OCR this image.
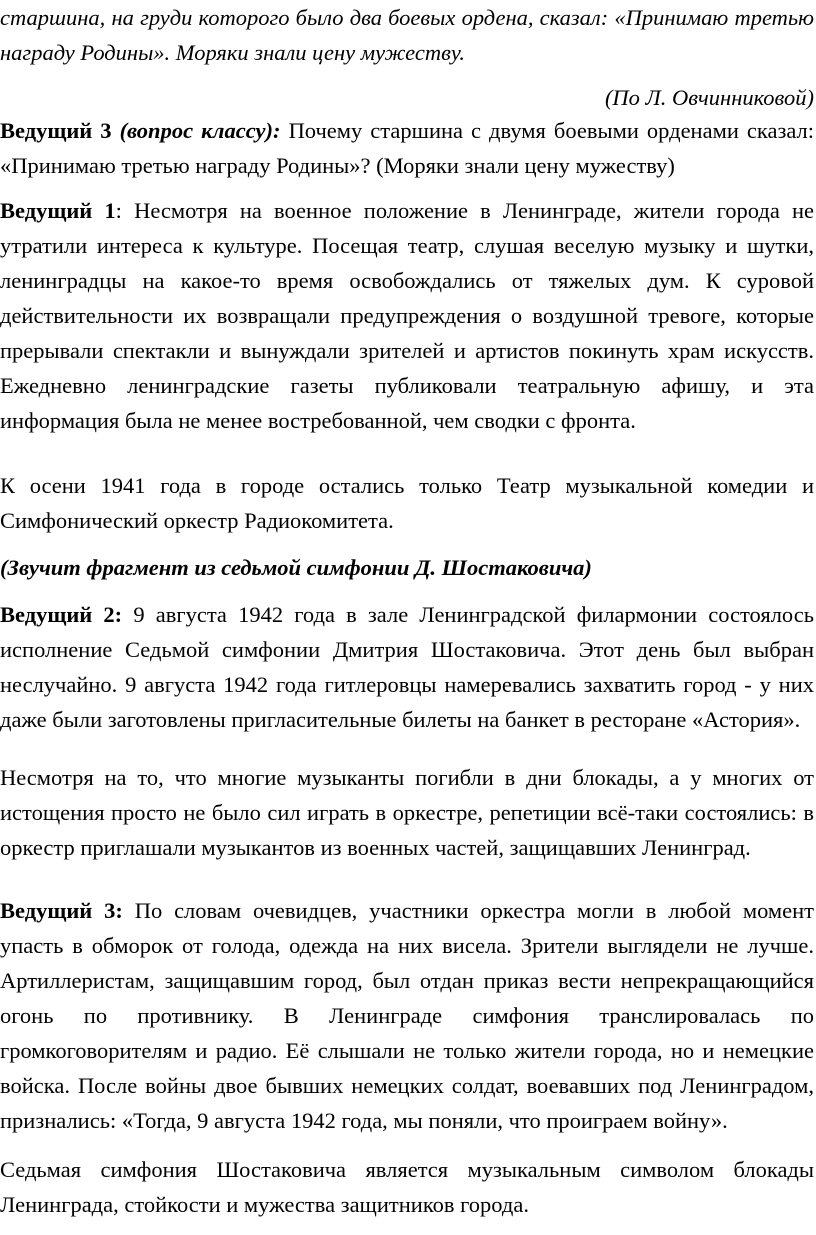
старшина, на груди которого было два боевых ордена, сказал: «Принимаю третью награду Родины». Моряки знали цену мужеству.

(По Л. Овчинниковой)

Ведущий 3 (вопрос классу): Почему старшина с двумя боевыми орденами сказал: «Принимаю третью награду Родины»? (Моряки знали цену мужеству)

Ведущий 1: Несмотря на военное положение в Ленинграде, жители города не утратили интереса к культуре. Посещая театр, слушая веселую музыку и шутки, ленинградцы на какое-то время освобождались от тяжелых дум. К суровой действительности их возвращали предупреждения о воздушной тревоге, которые прерывали спектакли и вынуждали зрителей и артистов покинуть храм искусств. Ежедневно ленинградские газеты публиковали театральную афишу, и эта информация была не менее востребованной, чем сводки с фронта.

К осени 1941 года в городе остались только Театр музыкальной комедии и Симфонический оркестр Радиокомитета.

(Звучит фрагмент из седьмой симфонии Д. Шостаковича)

Ведущий 2: 9 августа 1942 года в зале Ленинградской филармонии состоялось исполнение Седьмой симфонии Дмитрия Шостаковича. Этот день был выбран неслучайно. 9 августа 1942 года гитлеровцы намеревались захватить город - у них даже были заготовлены пригласительные билеты на банкет в ресторане «Астория».

Несмотря на то, что многие музыканты погибли в дни блокады, а у многих от истощения просто не было сил играть в оркестре, репетиции всё-таки состоялись: в оркестр приглашали музыкантов из военных частей, защищавших Ленинград.

Ведущий 3: По словам очевидцев, участники оркестра могли в любой момент упасть в обморок от голода, одежда на них висела. Зрители выглядели не лучше. Артиллеристам, защищавшим город, был отдан приказ вести непрекращающийся огонь по противнику. В Ленинграде симфония транслировалась по громкоговорителям и радио. Её слышали не только жители города, но и немецкие войска. После войны двое бывших немецких солдат, воевавших под Ленинградом, признались: «Тогда, 9 августа 1942 года, мы поняли, что проиграем войну».

Седьмая симфония Шостаковича является музыкальным символом блокады Ленинграда, стойкости и мужества защитников города.
